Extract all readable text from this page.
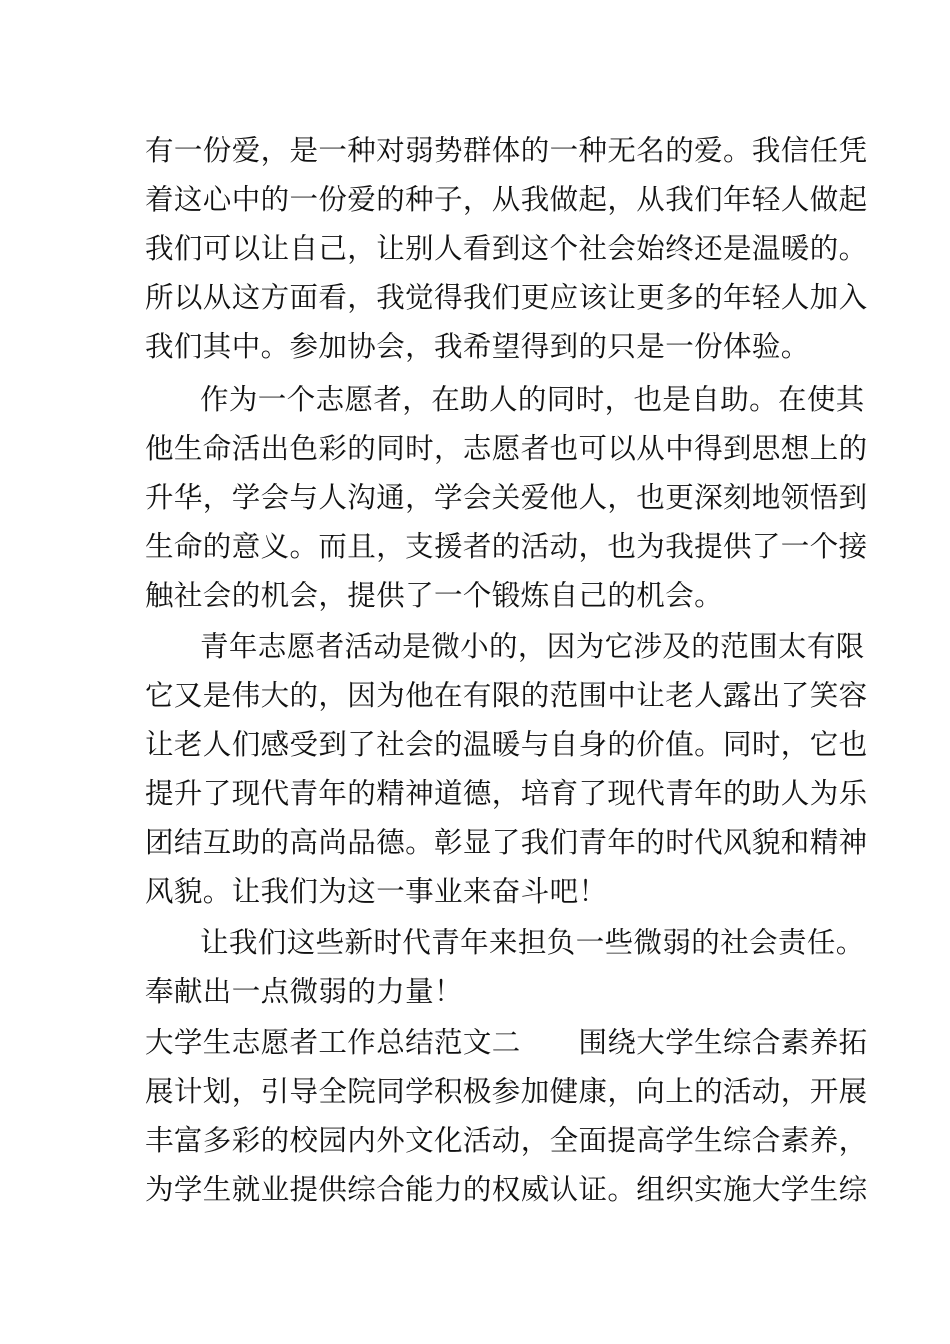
有一份爱，是一种对弱势群体的一种无名的爱。我信任凭
着这心中的一份爱的种子，从我做起，从我们年轻人做起
我们可以让自己，让别人看到这个社会始终还是温暖的。
所以从这方面看，我觉得我们更应该让更多的年轻人加入
我们其中。参加协会，我希望得到的只是一份体验。
作为一个志愿者，在助人的同时，也是自助。在使其
他生命活出色彩的同时，志愿者也可以从中得到思想上的
升华，学会与人沟通，学会关爱他人，也更深刻地领悟到
生命的意义。而且，支援者的活动，也为我提供了一个接
触社会的机会，提供了一个锻炼自己的机会。
青年志愿者活动是微小的，因为它涉及的范围太有限
它又是伟大的，因为他在有限的范围中让老人露出了笑容
让老人们感受到了社会的温暖与自身的价值。同时，它也
提升了现代青年的精神道德，培育了现代青年的助人为乐
团结互助的高尚品德。彰显了我们青年的时代风貌和精神
风貌。让我们为这一事业来奋斗吧！
让我们这些新时代青年来担负一些微弱的社会责任。
奉献出一点微弱的力量！
大学生志愿者工作总结范文二　　围绕大学生综合素养拓
展计划，引导全院同学积极参加健康，向上的活动，开展
丰富多彩的校园内外文化活动，全面提高学生综合素养，
为学生就业提供综合能力的权威认证。组织实施大学生综
